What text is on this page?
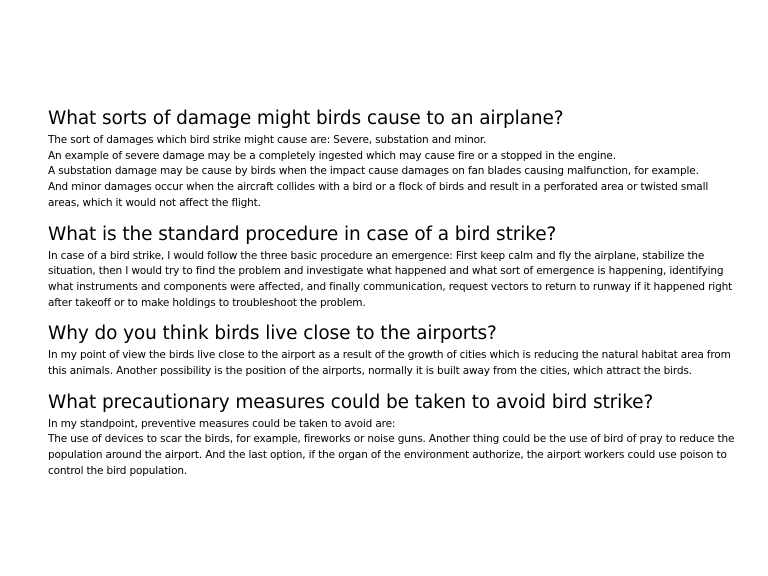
What sorts of damage might birds cause to an airplane?

The sort of damages which bird strike might cause are: Severe, substation and minor.

An example of severe damage may be a completely ingested which may cause fire or a stopped in the engine.

A substation damage may be cause by birds when the impact cause damages on fan blades causing malfunction, for example.

And minor damages occur when the aircraft collides with a bird or a flock of birds and result in a perforated area or twisted small areas, which it would not affect the flight.

What is the standard procedure in case of a bird strike?

In case of a bird strike, I would follow the three basic procedure an emergence: First keep calm and fly the airplane, stabilize the situation, then I would try to find the problem and investigate what happened and what sort of emergence is happening, identifying what instruments and components were affected, and finally communication, request vectors to return to runway if it happened right after takeoff or to make holdings to troubleshoot the problem.

Why do you think birds live close to the airports?

In my point of view the birds live close to the airport as a result of the growth of cities which is reducing the natural habitat area from this animals. Another possibility is the position of the airports, normally it is built away from the cities, which attract the birds.

What precautionary measures could be taken to avoid bird strike?

In my standpoint, preventive measures could be taken to avoid are:

The use of devices to scar the birds, for example, fireworks or noise guns. Another thing could be the use of bird of pray to reduce the population around the airport. And the last option, if the organ of the environment authorize, the airport workers could use poison to control the bird population.
